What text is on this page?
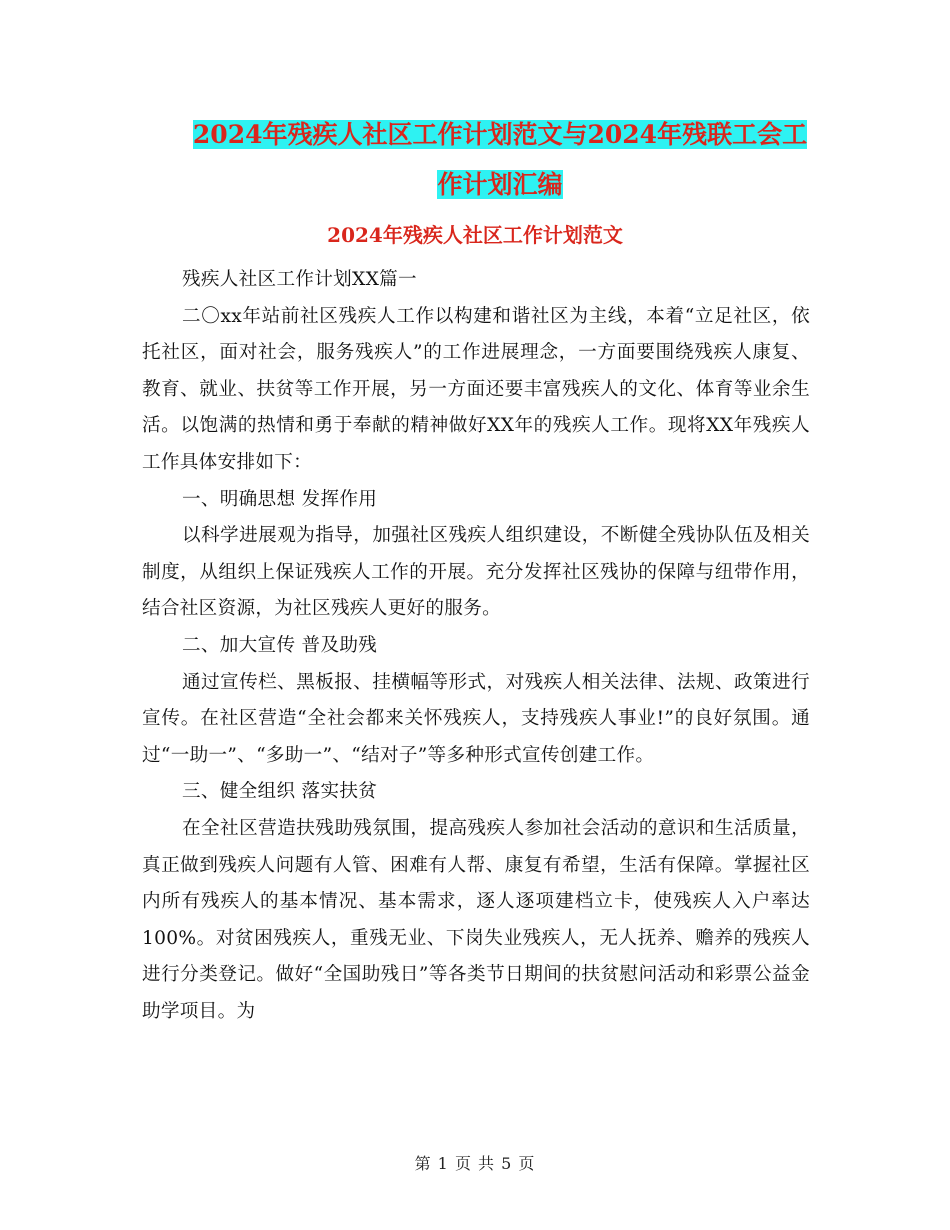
2024年残疾人社区工作计划范文与2024年残联工会工
作计划汇编
2024年残疾人社区工作计划范文

残疾人社区工作计划XX篇一

二〇xx年站前社区残疾人工作以构建和谐社区为主线，本着“立足社区，依托社区，面对社会，服务残疾人”的工作进展理念，一方面要围绕残疾人康复、教育、就业、扶贫等工作开展，另一方面还要丰富残疾人的文化、体育等业余生活。以饱满的热情和勇于奉献的精神做好XX年的残疾人工作。现将XX年残疾人工作具体安排如下：

一、明确思想 发挥作用

以科学进展观为指导，加强社区残疾人组织建设，不断健全残协队伍及相关制度，从组织上保证残疾人工作的开展。充分发挥社区残协的保障与纽带作用，结合社区资源，为社区残疾人更好的服务。

二、加大宣传 普及助残

通过宣传栏、黑板报、挂横幅等形式，对残疾人相关法律、法规、政策进行宣传。在社区营造“全社会都来关怀残疾人，支持残疾人事业!”的良好氛围。通过“一助一”、“多助一”、“结对子”等多种形式宣传创建工作。

三、健全组织 落实扶贫

在全社区营造扶残助残氛围，提高残疾人参加社会活动的意识和生活质量，真正做到残疾人问题有人管、困难有人帮、康复有希望，生活有保障。掌握社区内所有残疾人的基本情况、基本需求，逐人逐项建档立卡，使残疾人入户率达100%。对贫困残疾人，重残无业、下岗失业残疾人，无人抚养、赡养的残疾人进行分类登记。做好“全国助残日”等各类节日期间的扶贫慰问活动和彩票公益金助学项目。为

第 1 页 共 5 页
